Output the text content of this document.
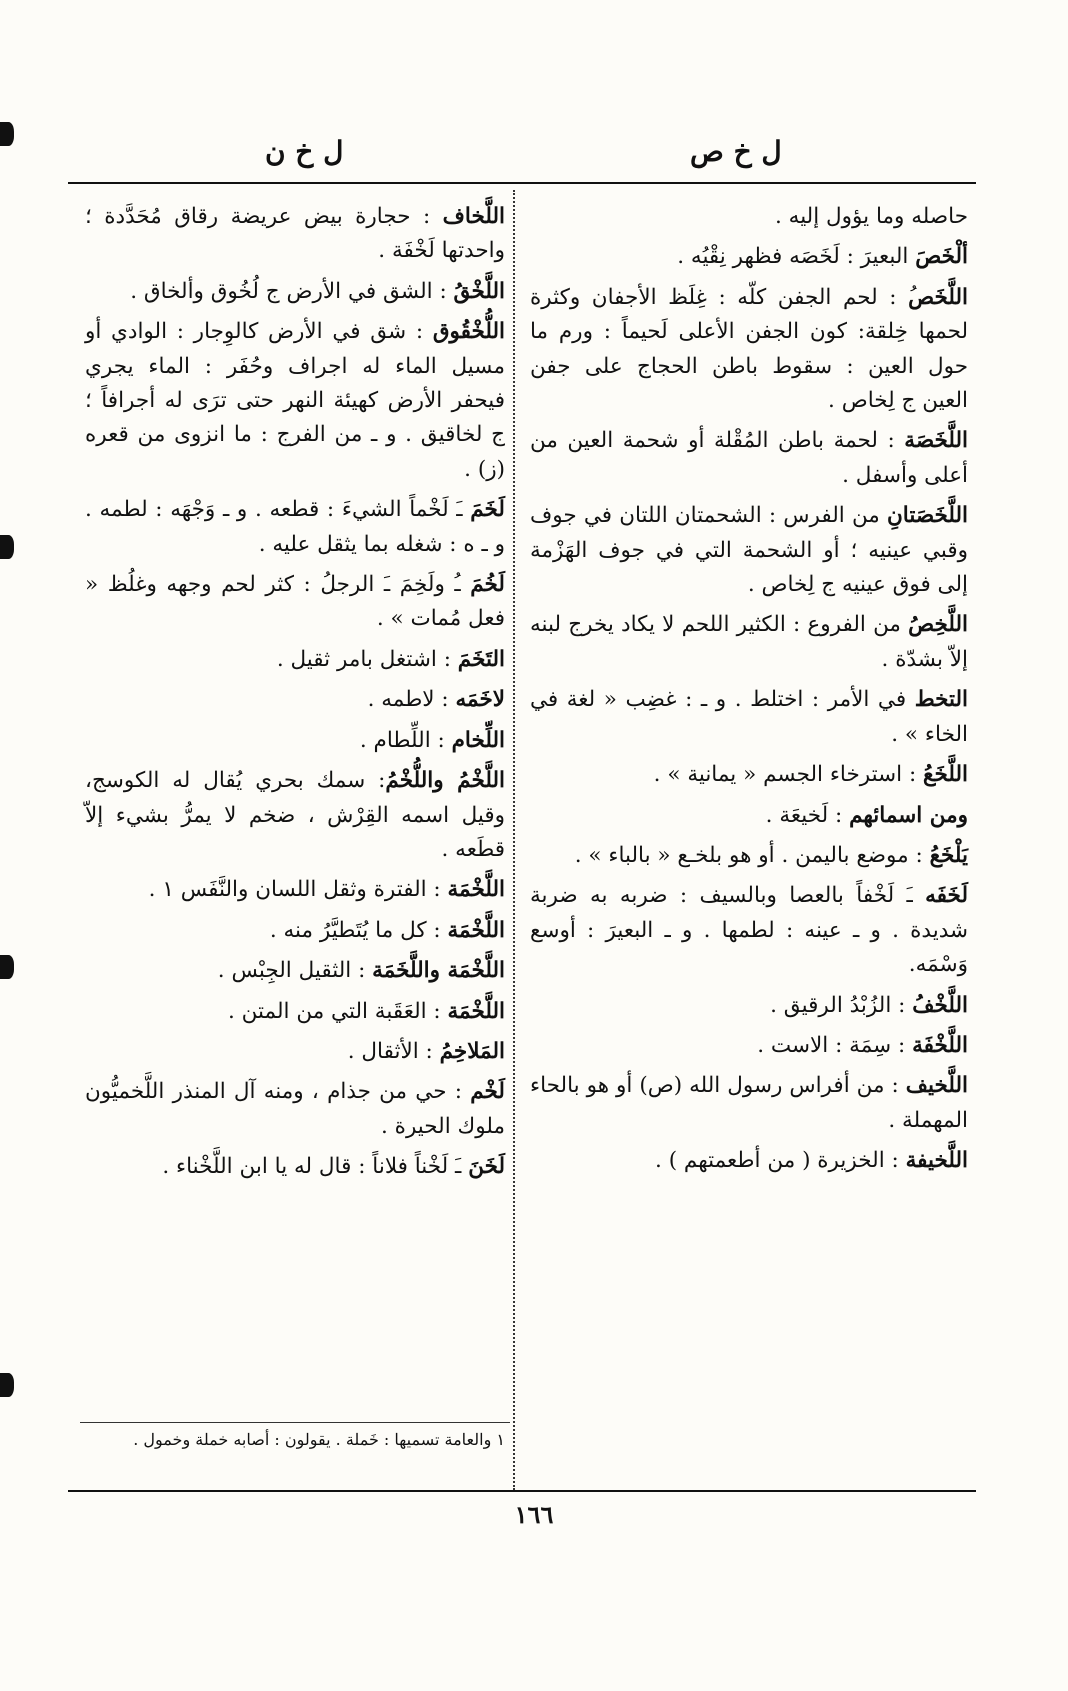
ل خ ص
ل خ ن
حاصله وما يؤول إليه .
ألْخَصَ البعيرَ : لَخَصَه فظهر نِقْيُه .
اللَّخَصُ : لحم الجفن كلّه : غِلَظ الأجفان وكثرة لحمها خِلقة: كون الجفن الأعلى لَحيماً : ورم ما حول العين : سقوط باطن الحجاج على جفن العين ج لِخاص .
اللَّخَصَة : لحمة باطن المُقْلة أو شحمة العين من أعلى وأسفل .
اللَّخَصَتانِ من الفرس : الشحمتان اللتان في جوف وقبي عينيه ؛ أو الشحمة التي في جوف الهَزْمة إلى فوق عينيه ج لِخاص .
اللَّخِصُ من الفروع : الكثير اللحم لا يكاد يخرج لبنه إلاّ بشدّة .
التخط في الأمر : اختلط . و ـ : غضِب « لغة في الخاء » .
اللَّخَعُ : استرخاء الجسم « يمانية » .
ومن اسمائهم : لَخيعَة .
يَلْخَعُ : موضع باليمن . أو هو بلخـع « بالباء » .
لَخَفَه ـَ لَخْفاً بالعصا وبالسيف : ضربه به ضربة شديدة . و ـ عينه : لطمها . و ـ البعيرَ : أوسع وَسْمَه.
اللَّخْفُ : الزُبْدُ الرقيق .
اللَّخْفَة : سِمَة : الاست .
اللَّخيف : من أفراس رسول الله (ص) أو هو بالحاء المهملة .
اللَّخيفة : الخزيرة ( من أطعمتهم ) .
اللَّخاف : حجارة بيض عريضة رقاق مُحَدَّدة ؛ واحدتها لَخْفَة .
اللَّخْقُ : الشق في الأرض ج لُخُوق وألخاق .
اللُّخْقُوق : شق في الأرض كالوِجار : الوادي أو مسيل الماء له اجراف وحُفَر : الماء يجري فيحفر الأرض كهيئة النهر حتى ترَى له أجرافاً ؛ ج لخاقيق . و ـ من الفرج : ما انزوى من قعره (ز) .
لَخَمَ ـَ لَخْماً الشيءَ : قطعه . و ـ وَجْهَه : لطمه . و ـ ه : شغله بما يثقل عليه .
لَخُمَ ـُ ولَخِمَ ـَ الرجلُ : كثر لحم وجهه وغلُظ « فعل مُمات » .
التَخَمَ : اشتغل بامر ثقيل .
لاخَمَه : لاطمه .
اللِّخام : اللِّطام .
اللَّخْمُ واللُّخْمُ: سمك بحري يُقال له الكوسج، وقيل اسمه القِرْش ، ضخم لا يمرُّ بشيء إلاّ قطَعه .
اللَّخْمَة : الفترة وثقل اللسان والنَّفَس ١ .
اللَّخْمَة : كل ما يُتَطيَّرُ منه .
اللَّخْمَة واللَّخَمَة : الثقيل الجِبْس .
اللَّخْمَة : العَقَبة التي من المتن .
المَلاخِمُ : الأثقال .
لَخْم : حي من جذام ، ومنه آل المنذر اللَّخميُّون ملوك الحيرة .
لَخَنَ ـَ لَخْناً فلاناً : قال له يا ابن اللَّخْناء .
١ والعامة تسميها : خَملة . يقولون : أصابه خملة وخمول .
١٦٦
